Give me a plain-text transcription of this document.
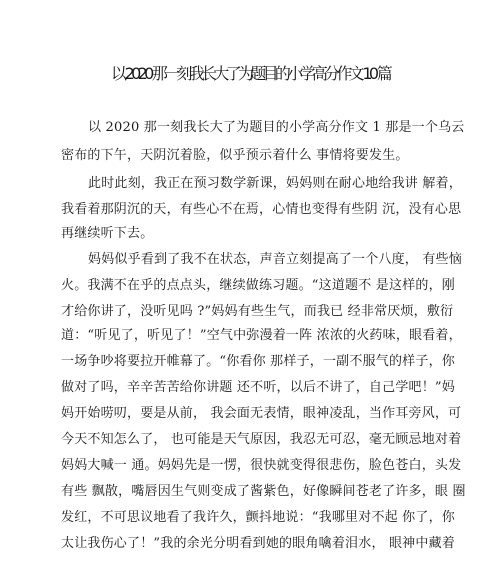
以 2020 那一刻我长大了为题目的小学高分作文 10 篇
以 2020 那一刻我长大了为题目的小学高分作文 1 那是一个乌云
密布的下午，天阴沉着脸，似乎预示着什么 事情将要发生。
此时此刻，我正在预习数学新课，妈妈则在耐心地给我讲 解着，
我看着那阴沉的天，有些心不在焉，心情也变得有些阴 沉，没有心思
再继续听下去。
妈妈似乎看到了我不在状态，声音立刻提高了一个八度， 有些恼
火。我满不在乎的点点头，继续做练习题。“这道题不 是这样的，刚
才给你讲了，没听见吗 ?”妈妈有些生气，而我已 经非常厌烦，敷衍
道：“听见了，听见了！”空气中弥漫着一阵 浓浓的火药味，眼看着，
一场争吵将要拉开帷幕了。“你看你 那样子，一副不服气的样子，你
做对了吗，辛辛苦苦给你讲题 还不听，以后不讲了，自己学吧！”妈
妈开始唠叨，要是从前， 我会面无表情，眼神凌乱，当作耳旁风，可
今天不知怎么了， 也可能是天气原因，我忍无可忍，毫无顾忌地对着
妈妈大喊一 通。妈妈先是一愣，很快就变得很悲伤，脸色苍白，头发
有些 飘散，嘴唇因生气则变成了酱紫色，好像瞬间苍老了许多，眼 圈
发红，不可思议地看了我许久，颤抖地说：“我哪里对不起 你了，你
太让我伤心了！”我的余光分明看到她的眼角噙着泪水， 眼神中藏着
